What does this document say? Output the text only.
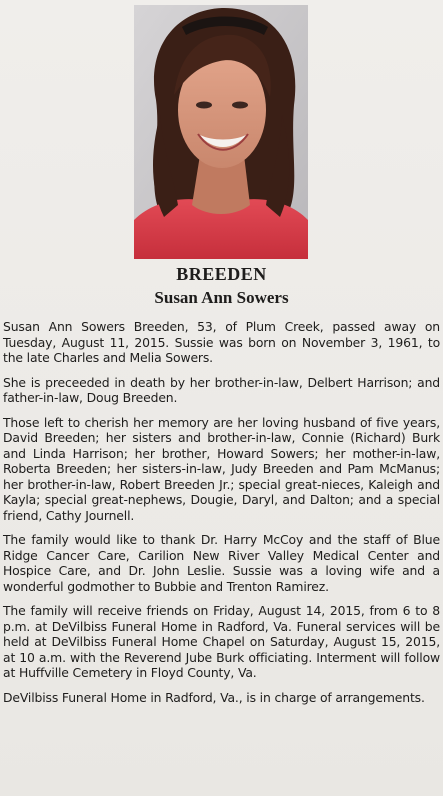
BREEDEN
Susan Ann Sowers

Susan Ann Sowers Breeden, 53, of Plum Creek, passed away on Tuesday, August 11, 2015. Sussie was born on November 3, 1961, to the late Charles and Melia Sowers.

She is preceeded in death by her brother-in-law, Delbert Harrison; and father-in-law, Doug Breeden.

Those left to cherish her memory are her loving husband of five years, David Breeden; her sisters and brother-in-law, Connie (Richard) Burk and Linda Harrison; her brother, Howard Sowers; her mother-in-law, Roberta Breeden; her sisters-in-law, Judy Breeden and Pam McManus; her brother-in-law, Robert Breeden Jr.; special great-nieces, Kaleigh and Kayla; special great-nephews, Dougie, Daryl, and Dalton; and a special friend, Cathy Journell.

The family would like to thank Dr. Harry McCoy and the staff of Blue Ridge Cancer Care, Carilion New River Valley Medical Center and Hospice Care, and Dr. John Leslie. Sussie was a loving wife and a wonderful godmother to Bubbie and Trenton Ramirez.

The family will receive friends on Friday, August 14, 2015, from 6 to 8 p.m. at DeVilbiss Funeral Home in Radford, Va. Funeral services will be held at DeVilbiss Funeral Home Chapel on Saturday, August 15, 2015, at 10 a.m. with the Reverend Jube Burk officiating. Interment will follow at Huffville Cemetery in Floyd County, Va.

DeVilbiss Funeral Home in Radford, Va., is in charge of arrangements.
